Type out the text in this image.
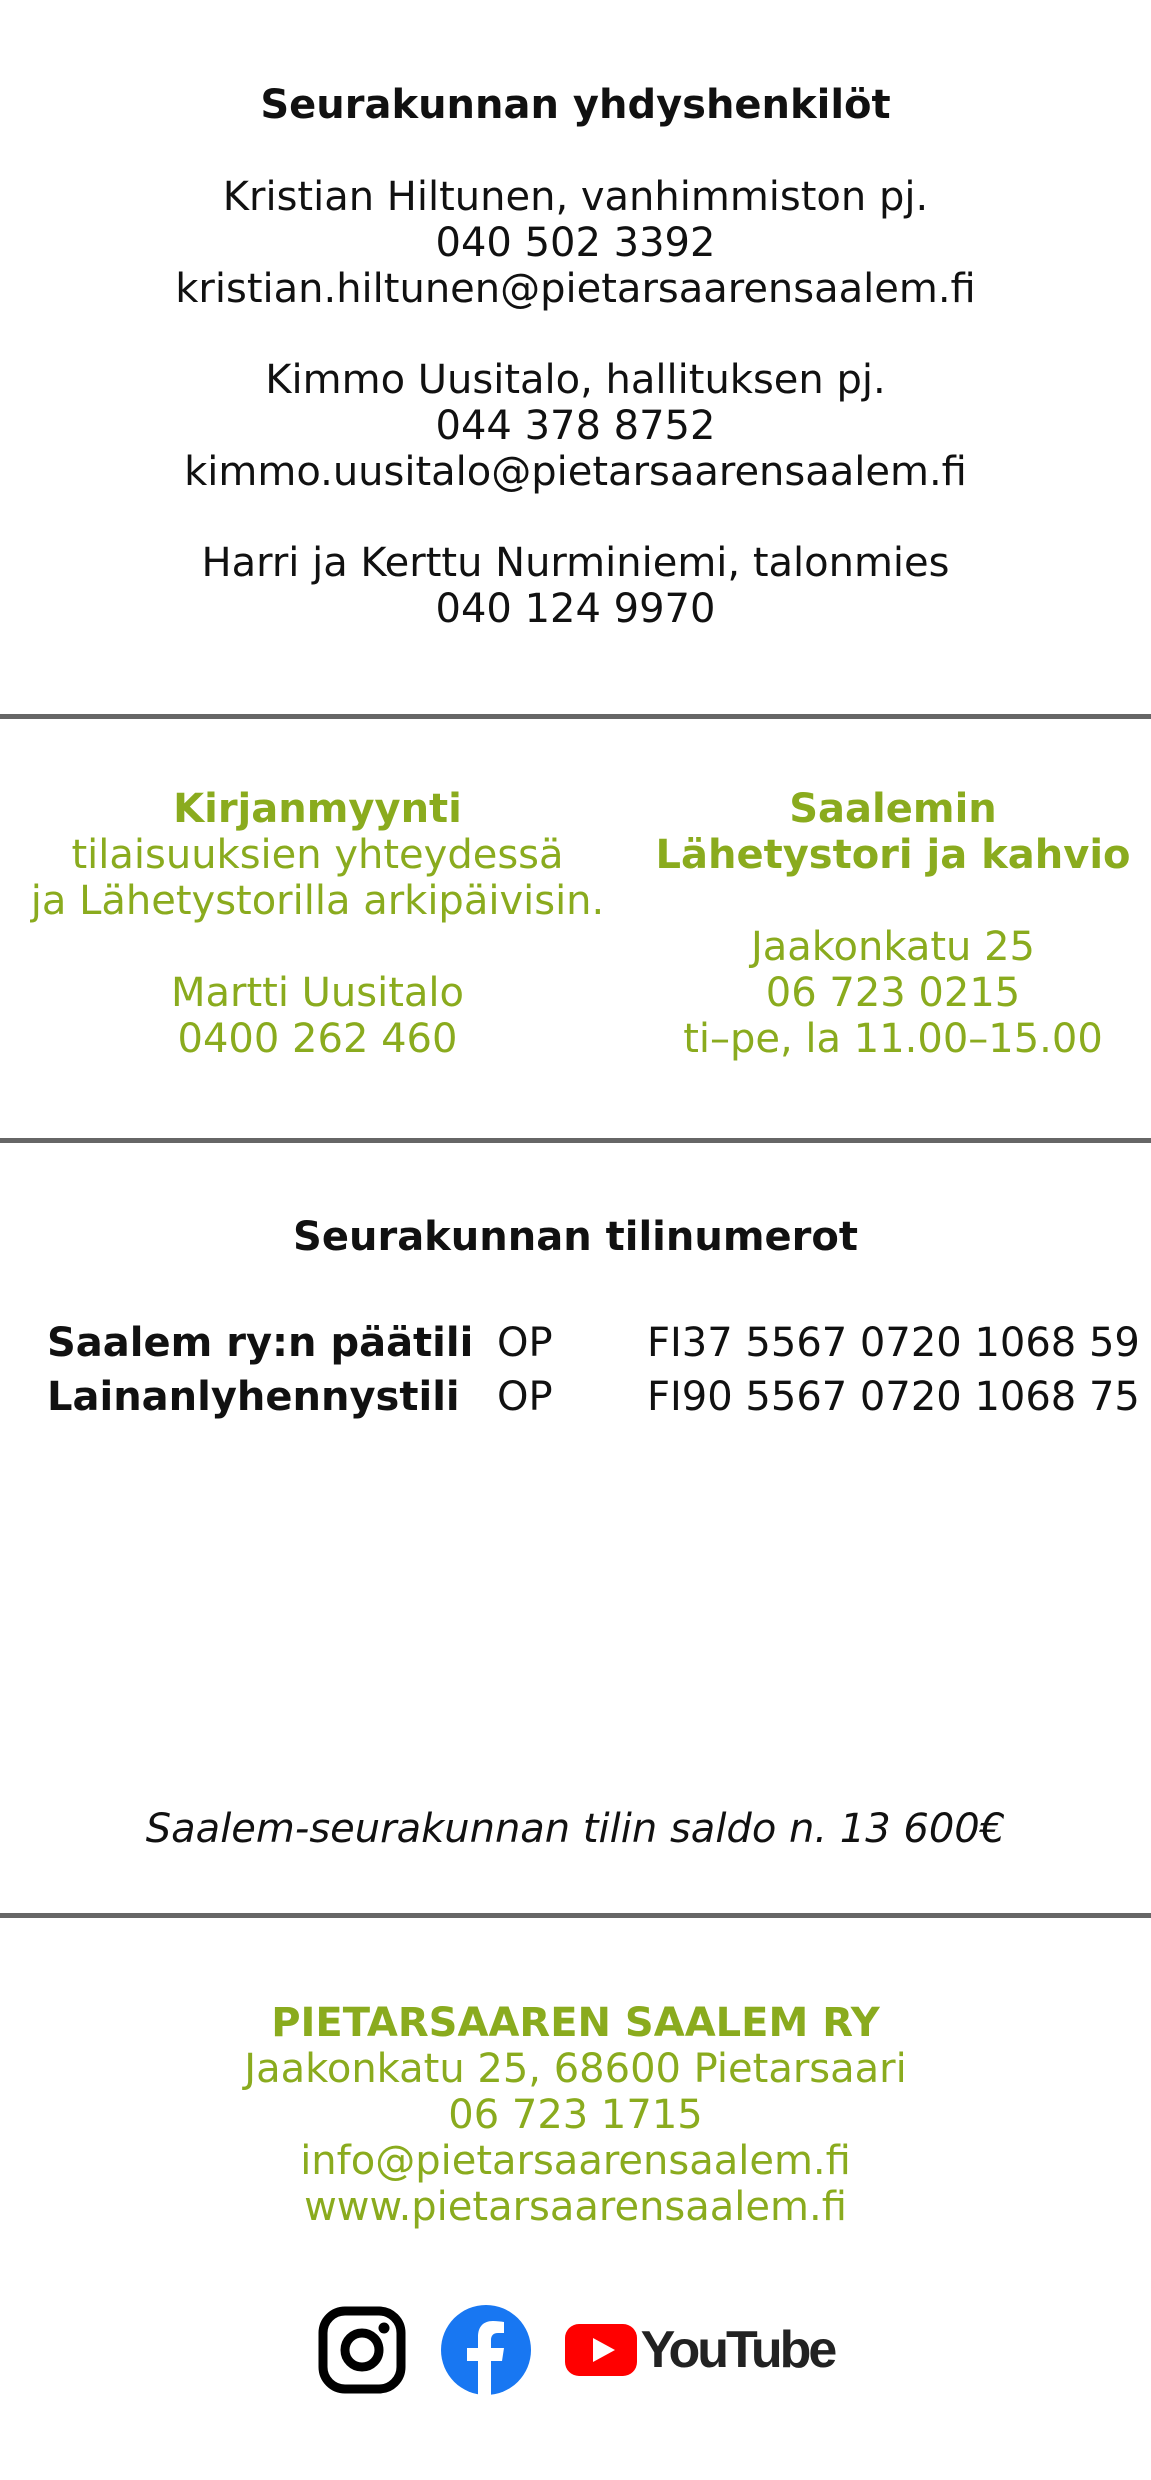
Seurakunnan yhdyshenkilöt
Kristian Hiltunen, vanhimmiston pj.
040 502 3392
kristian.hiltunen@pietarsaarensaalem.fi
Kimmo Uusitalo, hallituksen pj.
044 378 8752
kimmo.uusitalo@pietarsaarensaalem.fi
Harri ja Kerttu Nurminiemi, talonmies
040 124 9970
Kirjanmyynti
tilaisuuksien yhteydessä
ja Lähetystorilla arkipäivisin.
Martti Uusitalo
0400 262 460
Saalemin
Lähetystori ja kahvio
Jaakonkatu 25
06 723 0215
ti–pe, la 11.00–15.00
Seurakunnan tilinumerot
Saalem ry:n päätili	OP	FI37 5567 0720 1068 59
Lainanlyhennystili	OP	FI90 5567 0720 1068 75
Saalem-seurakunnan tilin saldo n. 13 600€
PIETARSAAREN SAALEM RY
Jaakonkatu 25, 68600 Pietarsaari
06 723 1715
info@pietarsaarensaalem.fi
www.pietarsaarensaalem.fi
YouTube
